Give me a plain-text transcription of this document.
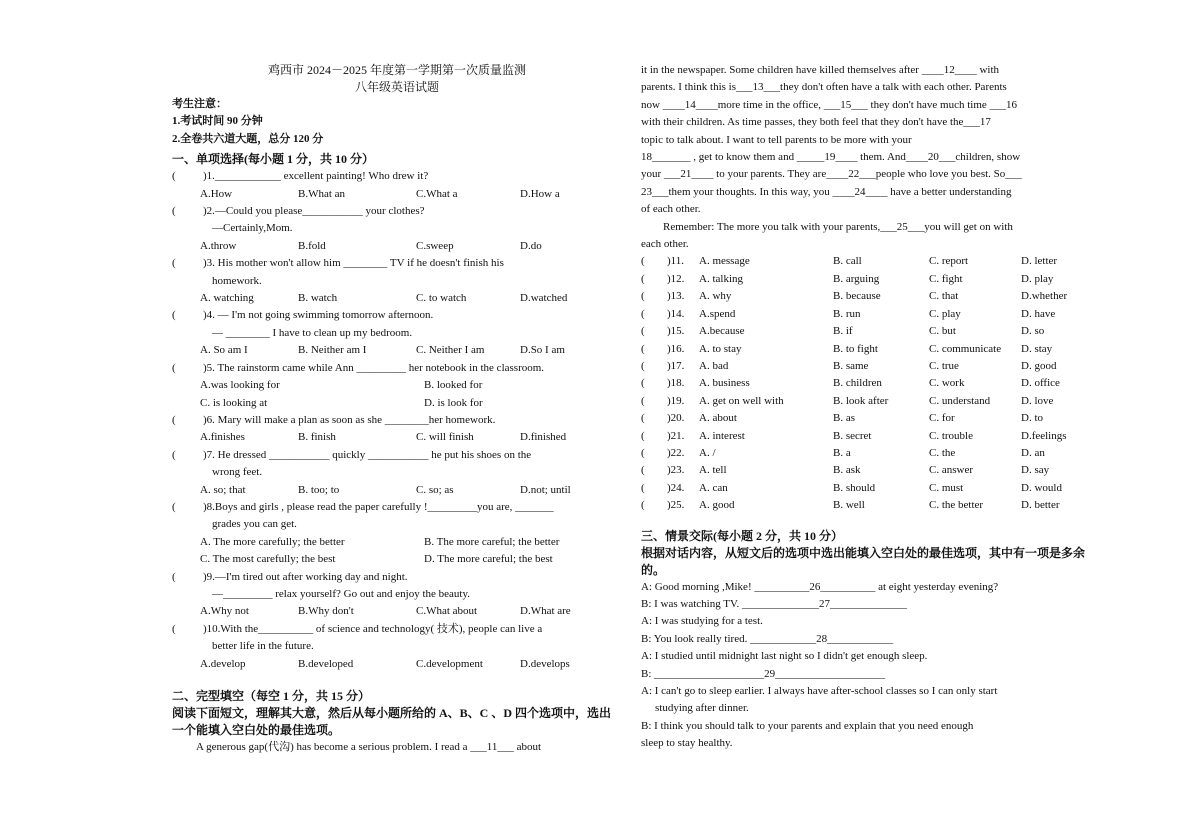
鸡西市 2024－2025 年度第一学期第一次质量监测
八年级英语试题
考生注意：
1.考试时间 90 分钟
2.全卷共六道大题，总分 120 分
一、单项选择(每小题 1 分，共 10 分）
(	)1.____________ excellent painting! Who drew it?
A.How	B.What an	C.What a	D.How a
(	)2.—Could you please___________ your clothes?
—Certainly,Mom.
A.throw	B.fold	C.sweep	D.do
(	)3. His mother won't allow him ________ TV if he doesn't finish his
homework.
A. watching	B. watch	C. to watch	D.watched
(	)4. — I'm not going swimming tomorrow afternoon.
— ________ I have to clean up my bedroom.
A. So am I	B. Neither am I	C. Neither I am	D.So I am
(	)5. The rainstorm came while Ann _________ her notebook in the classroom.
A.was looking for	B. looked for
C. is looking at	D. is look for
(	)6. Mary will make a plan as soon as she ________her homework.
A.finishes	B. finish	C. will finish	D.finished
(	)7. He dressed ___________ quickly ___________ he put his shoes on the
wrong feet.
A. so; that	B. too; to	C. so; as	D.not; until
(	)8.Boys and girls , please read the paper carefully !_________you are, _______
grades you can get.
A. The more carefully; the better	B. The more careful; the better
C. The most carefully; the best	D. The more careful; the best
(	)9.—I'm tired out after working day and night.
—_________ relax yourself? Go out and enjoy the beauty.
A.Why not	B.Why don't	C.What about	D.What are
(	)10.With the__________ of science and technology( 技术), people can live a
better life in the future.
A.develop	B.developed	C.development	D.develops
二、完型填空（每空 1 分，共 15 分）
阅读下面短文，理解其大意，然后从每小题所给的 A、B、C 、D 四个选项中，选出一个能填入空白处的最佳选项。
A generous gap(代沟) has become a serious problem. I read a ___11___ about
it in the newspaper. Some children have killed themselves after ____12____ with
parents. I think this is___13___they don't often have a talk with each other. Parents
now ____14____more time in the office, ___15___ they don't have much time ___16
with their children. As time passes, they both feel that they don't have the___17
topic to talk about. I want to tell parents to be more with your
18_______ , get to know them and _____19____ them. And____20___children, show
your ___21____ to your parents. They are____22___people who love you best. So___
23___them your thoughts. In this way, you ____24____ have a better understanding
of each other.
Remember: The more you talk with your parents,___25___you will get on with
each other.
(	)11.	A. message	B. call	C. report	D. letter
(	)12.	A. talking	B. arguing	C. fight	D. play
(	)13.	A. why	B. because	C. that	D.whether
(	)14.	A.spend	B. run	C. play	D. have
(	)15.	A.because	B. if	C. but	D. so
(	)16.	A. to stay	B. to fight	C. communicate	D. stay
(	)17.	A. bad	B. same	C. true	D. good
(	)18.	A. business	B. children	C. work	D. office
(	)19.	A. get on well with	B. look after	C. understand	D. love
(	)20.	A. about	B. as	C. for	D. to
(	)21.	A. interest	B. secret	C. trouble	D.feelings
(	)22.	A. /	B. a	C. the	D. an
(	)23.	A. tell	B. ask	C. answer	D. say
(	)24.	A. can	B. should	C. must	D. would
(	)25.	A. good	B. well	C. the better	D. better
三、情景交际(每小题 2 分，共 10 分）
根据对话内容，从短文后的选项中选出能填入空白处的最佳选项，其中有一项是多余的。
A: Good morning ,Mike! __________26__________ at eight yesterday evening?
B: I was watching TV. ______________27______________
A: I was studying for a test.
B: You look really tired. ____________28____________
A: I studied until midnight last night so I didn't get enough sleep.
B: ____________________29____________________
A: I can't go to sleep earlier. I always have after-school classes so I can only start
studying after dinner.
B: I think you should talk to your parents and explain that you need enough
sleep to stay healthy.
